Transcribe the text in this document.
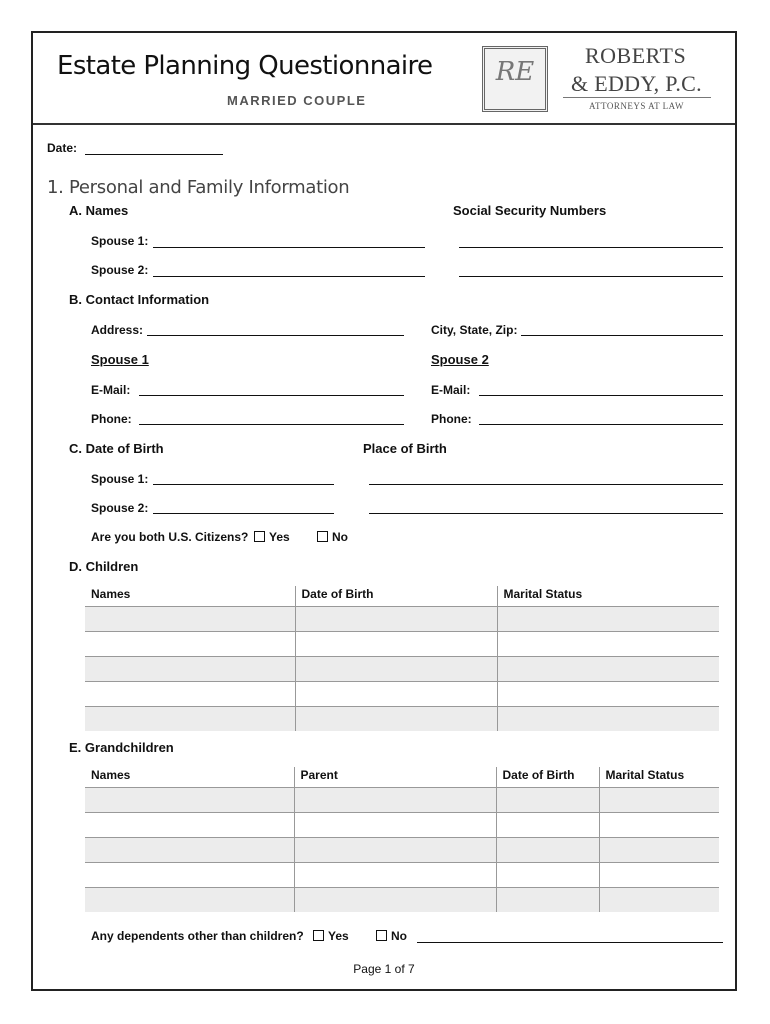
Estate Planning Questionnaire
MARRIED COUPLE
RE
ROBERTS
& EDDY, P.C.
ATTORNEYS AT LAW
Date:
1. Personal and Family Information
A. Names	Social Security Numbers
Spouse 1:
Spouse 2:
B. Contact Information
Address:	City, State, Zip:
Spouse 1	Spouse 2
E-Mail:	E-Mail:
Phone:	Phone:
C. Date of Birth	Place of Birth
Spouse 1:
Spouse 2:
Are you both U.S. Citizens?	Yes	No
D. Children
Names	Date of Birth	Marital Status

E. Grandchildren
Names	Parent	Date of Birth	Marital Status

Any dependents other than children?	Yes	No
Page 1 of 7
